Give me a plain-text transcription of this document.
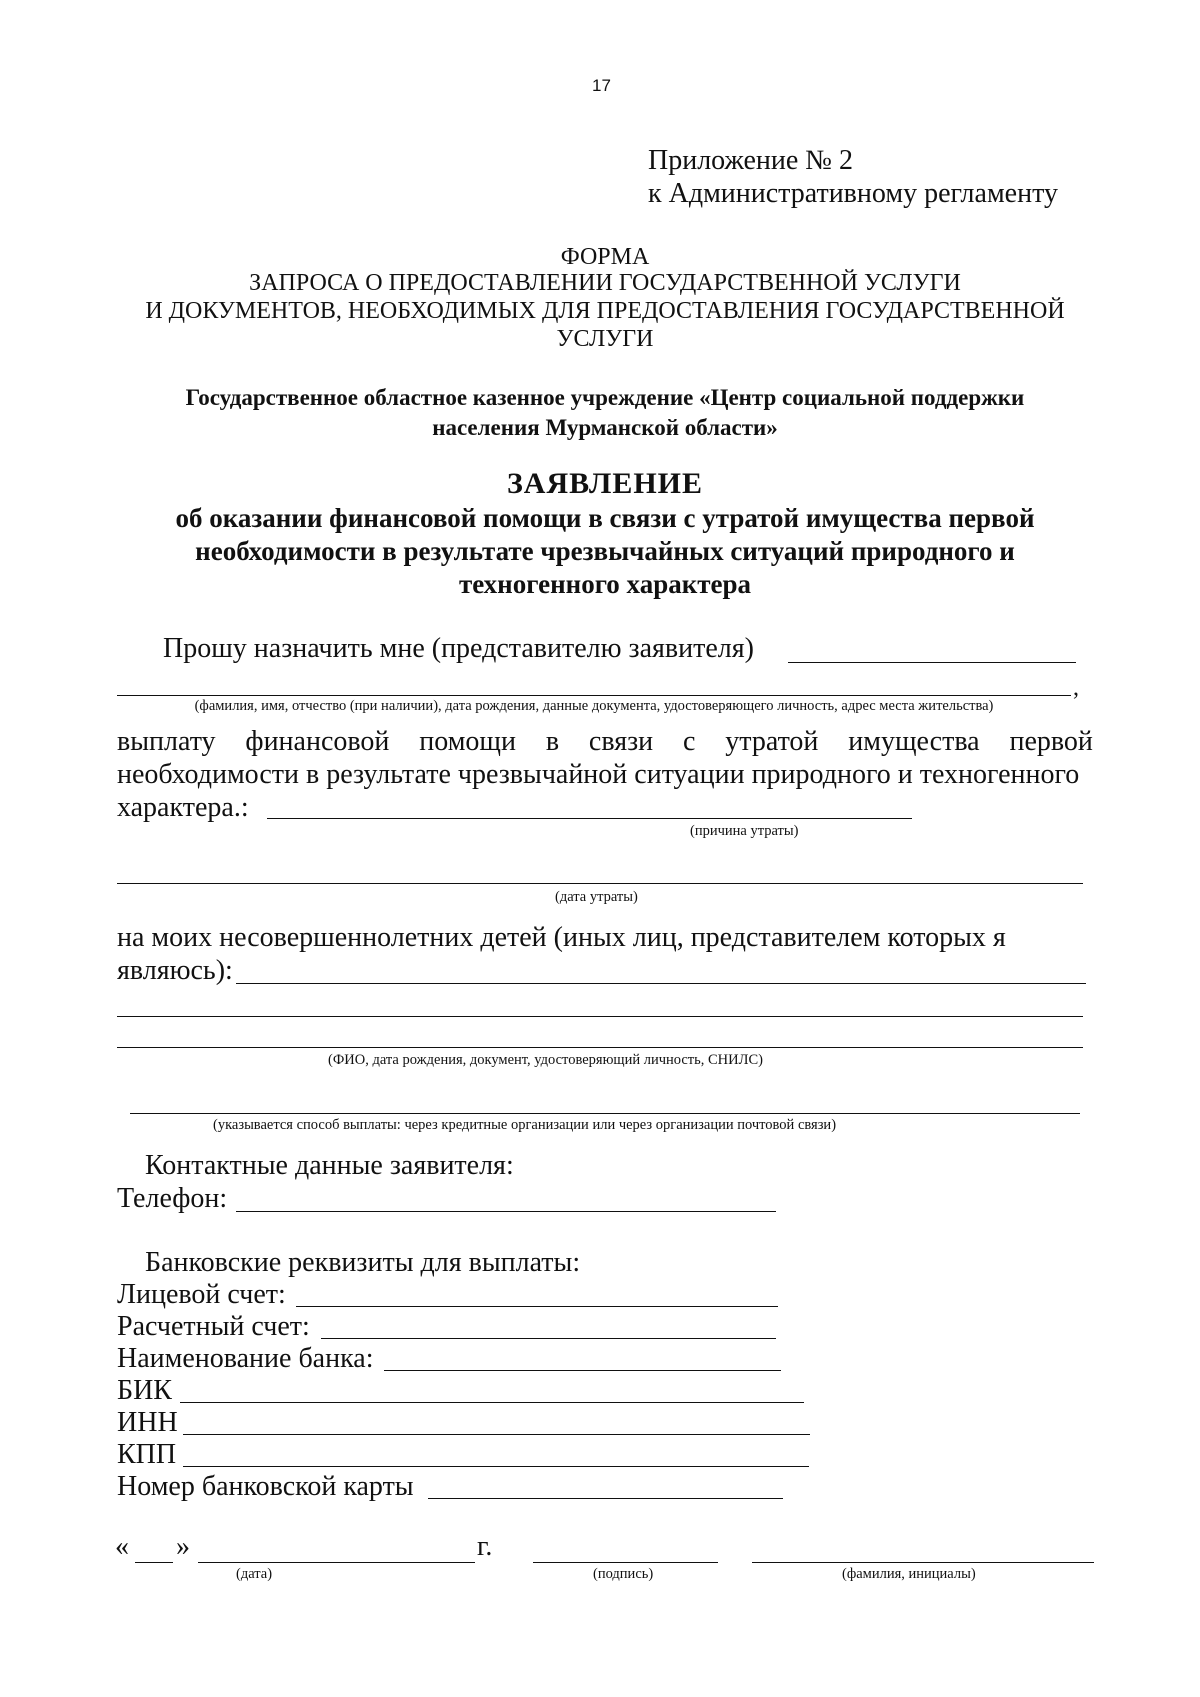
17
Приложение № 2
к Административному регламенту
ФОРМА
ЗАПРОСА О ПРЕДОСТАВЛЕНИИ ГОСУДАРСТВЕННОЙ УСЛУГИ
И ДОКУМЕНТОВ, НЕОБХОДИМЫХ ДЛЯ ПРЕДОСТАВЛЕНИЯ ГОСУДАРСТВЕННОЙ
УСЛУГИ
Государственное областное казенное учреждение «Центр социальной поддержки
населения Мурманской области»
ЗАЯВЛЕНИЕ
об оказании финансовой помощи в связи с утратой имущества первой
необходимости в результате чрезвычайных ситуаций природного и
техногенного характера
Прошу назначить мне (представителю заявителя)
,
(фамилия, имя, отчество (при наличии), дата рождения, данные документа, удостоверяющего личность, адрес места жительства)
выплату финансовой помощи в связи с утратой имущества первой
необходимости в результате чрезвычайной ситуации природного и техногенного
характера.:
(причина утраты)
(дата утраты)
на моих несовершеннолетних детей (иных лиц, представителем которых я
являюсь):
(ФИО, дата рождения, документ, удостоверяющий личность, СНИЛС)
(указывается способ выплаты: через кредитные организации или через организации почтовой связи)
Контактные данные заявителя:
Телефон:
Банковские реквизиты для выплаты:
Лицевой счет:
Расчетный счет:
Наименование банка:
БИК
ИНН
КПП
Номер банковской карты
« »	г.
(дата)	(подпись)	(фамилия, инициалы)
